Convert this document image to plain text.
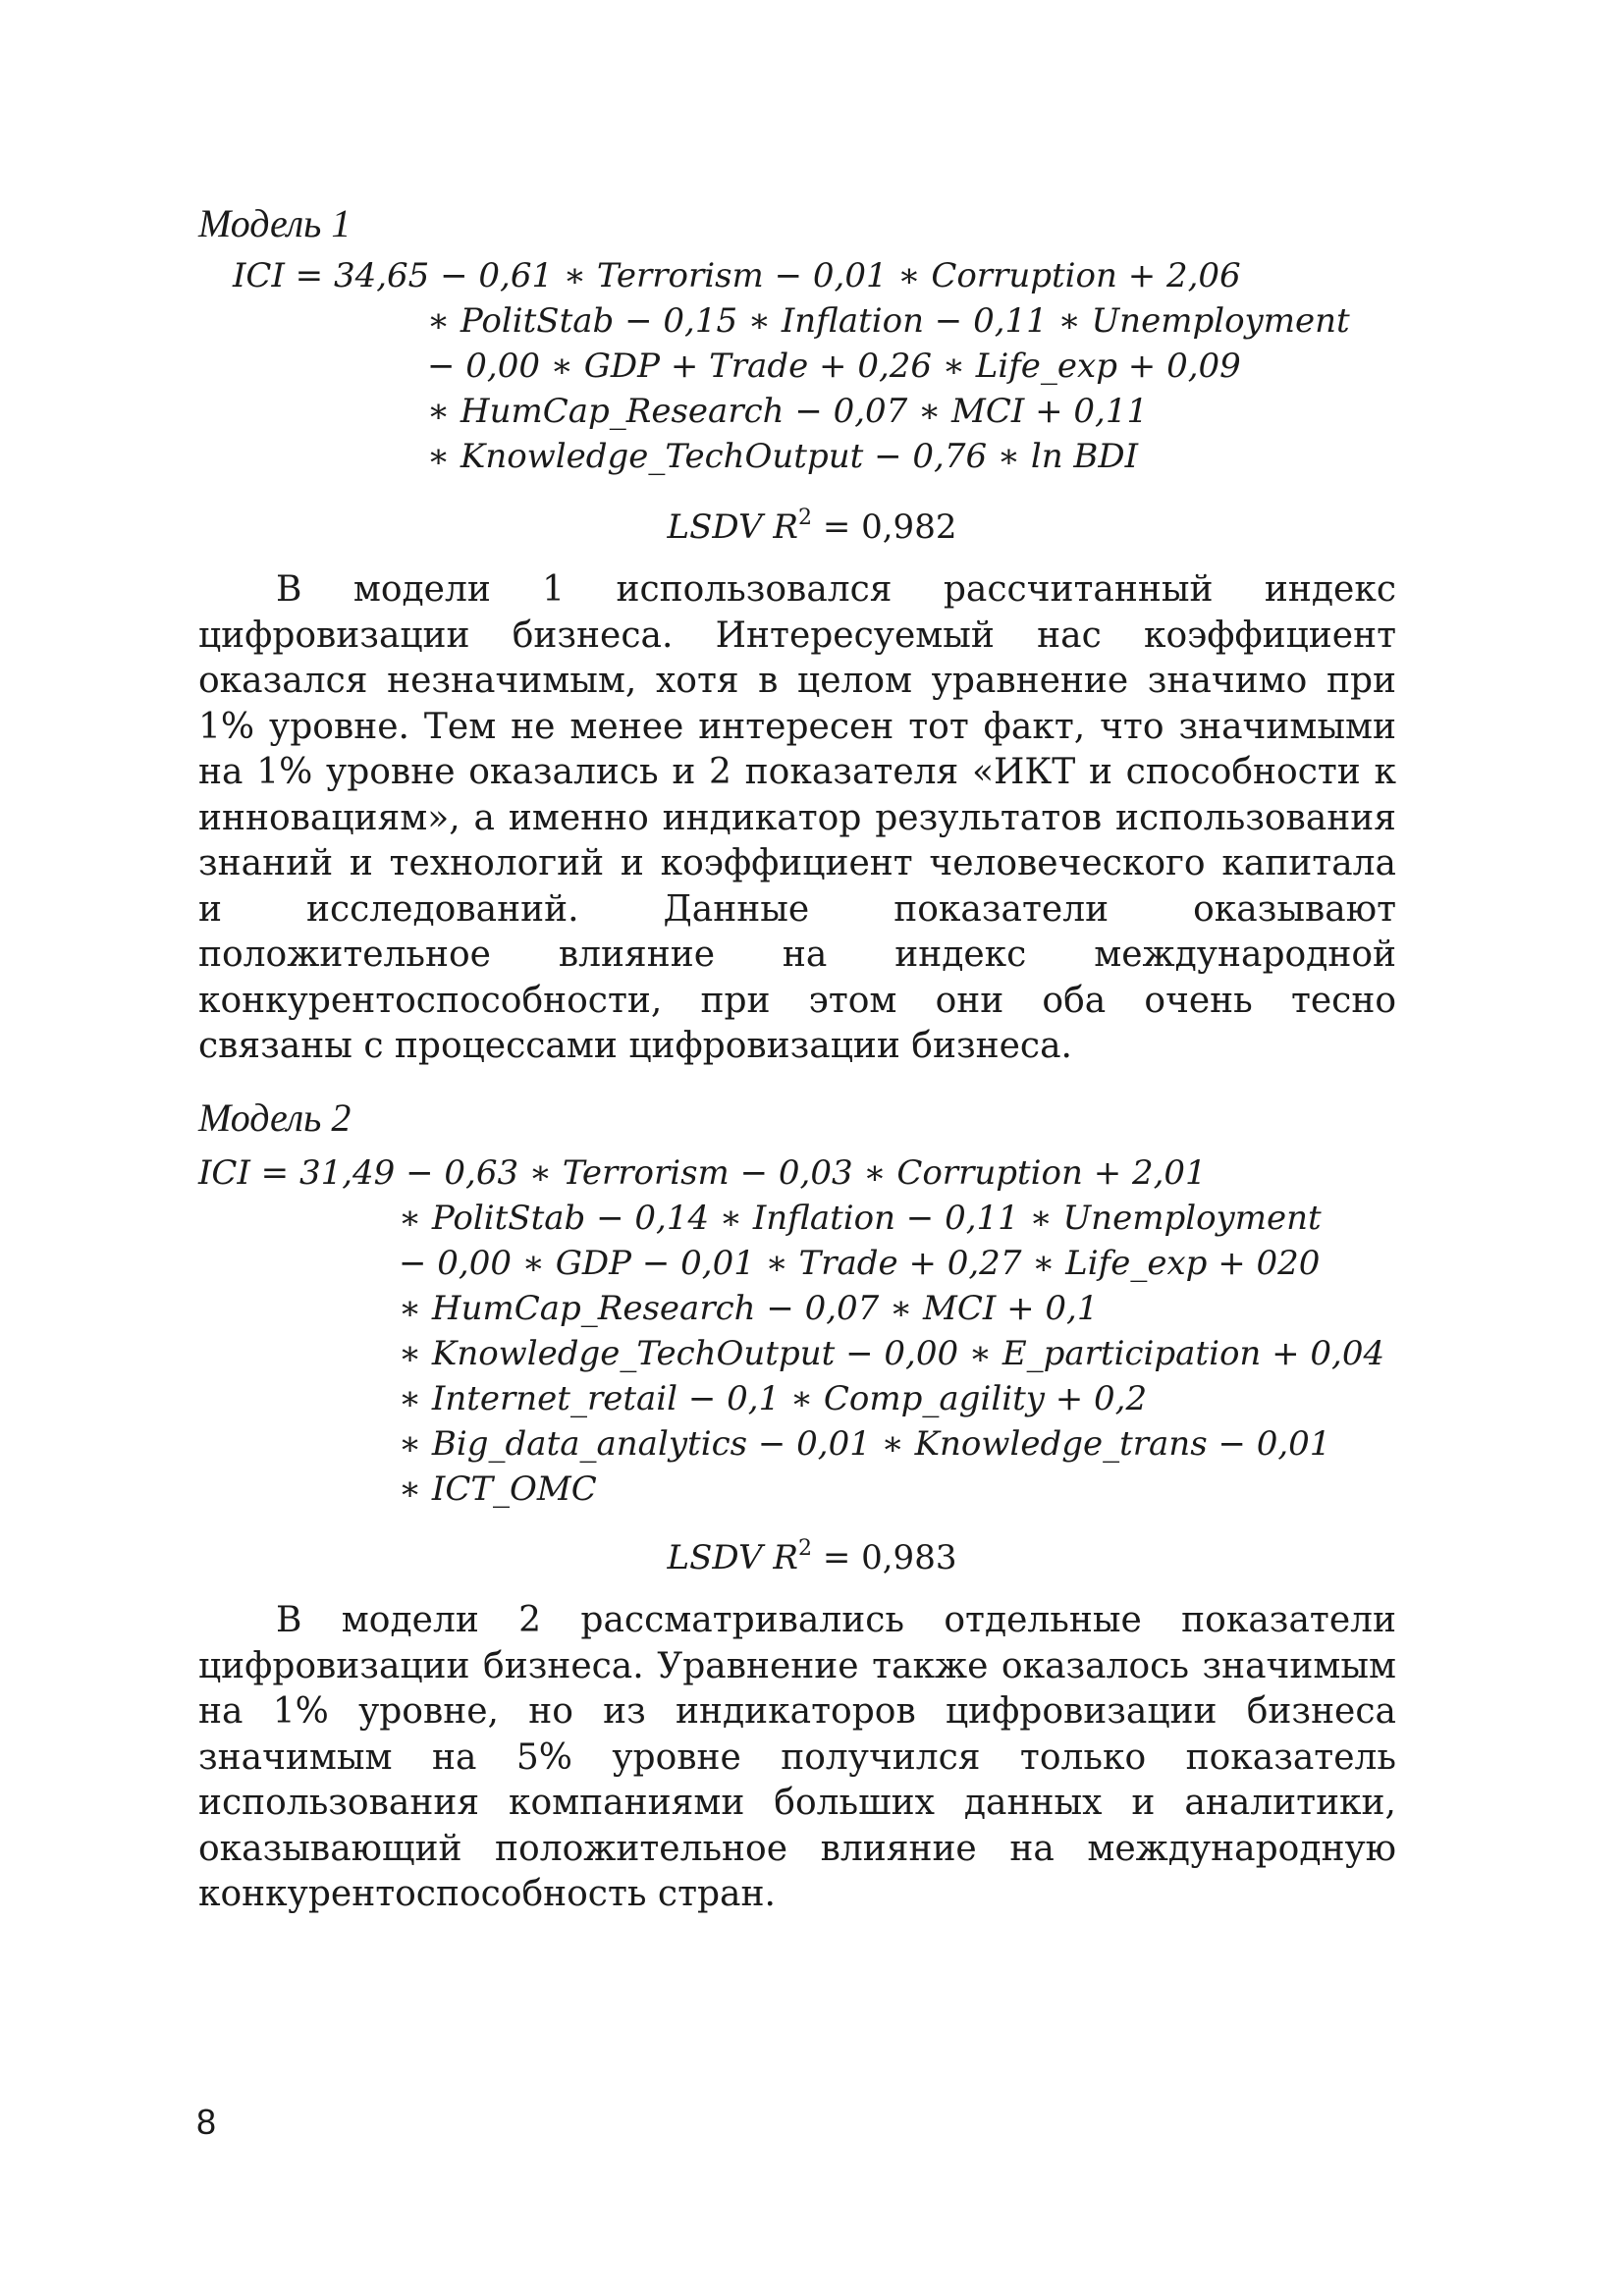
Модель 1
ICI = 34,65 − 0,61 ∗ Terrorism − 0,01 ∗ Corruption + 2,06
∗ PolitStab − 0,15 ∗ Inflation − 0,11 ∗ Unemployment
− 0,00 ∗ GDP + Trade + 0,26 ∗ Life_exp + 0,09
∗ HumCap_Research − 0,07 ∗ MCI + 0,11
∗ Knowledge_TechOutput − 0,76 ∗ ln BDI
LSDV $R^2 = 0,982$

В модели 1 использовался рассчитанный индекс цифровизации бизнеса. Интересуемый нас коэффициент оказался незначимым, хотя в целом уравнение значимо при 1% уровне. Тем не менее интересен тот факт, что значимыми на 1% уровне оказались и 2 показателя «ИКТ и способности к инновациям», а именно индикатор результатов использования знаний и технологий и коэффициент человеческого капитала и исследований. Данные показатели оказывают положительное влияние на индекс международной конкурентоспособности, при этом они оба очень тесно связаны с процессами цифровизации бизнеса.

Модель 2
ICI = 31,49 − 0,63 ∗ Terrorism − 0,03 ∗ Corruption + 2,01
∗ PolitStab − 0,14 ∗ Inflation − 0,11 ∗ Unemployment
− 0,00 ∗ GDP − 0,01 ∗ Trade + 0,27 ∗ Life_exp + 020
∗ HumCap_Research − 0,07 ∗ MCI + 0,1
∗ Knowledge_TechOutput − 0,00 ∗ E_participation + 0,04
∗ Internet_retail − 0,1 ∗ Comp_agility + 0,2
∗ Big_data_analytics − 0,01 ∗ Knowledge_trans − 0,01
∗ ICT_OMC
LSDV $R^2 = 0,983$

В модели 2 рассматривались отдельные показатели цифровизации бизнеса. Уравнение также оказалось значимым на 1% уровне, но из индикаторов цифровизации бизнеса значимым на 5% уровне получился только показатель использования компаниями больших данных и аналитики, оказывающий положительное влияние на международную конкурентоспособность стран.

8
